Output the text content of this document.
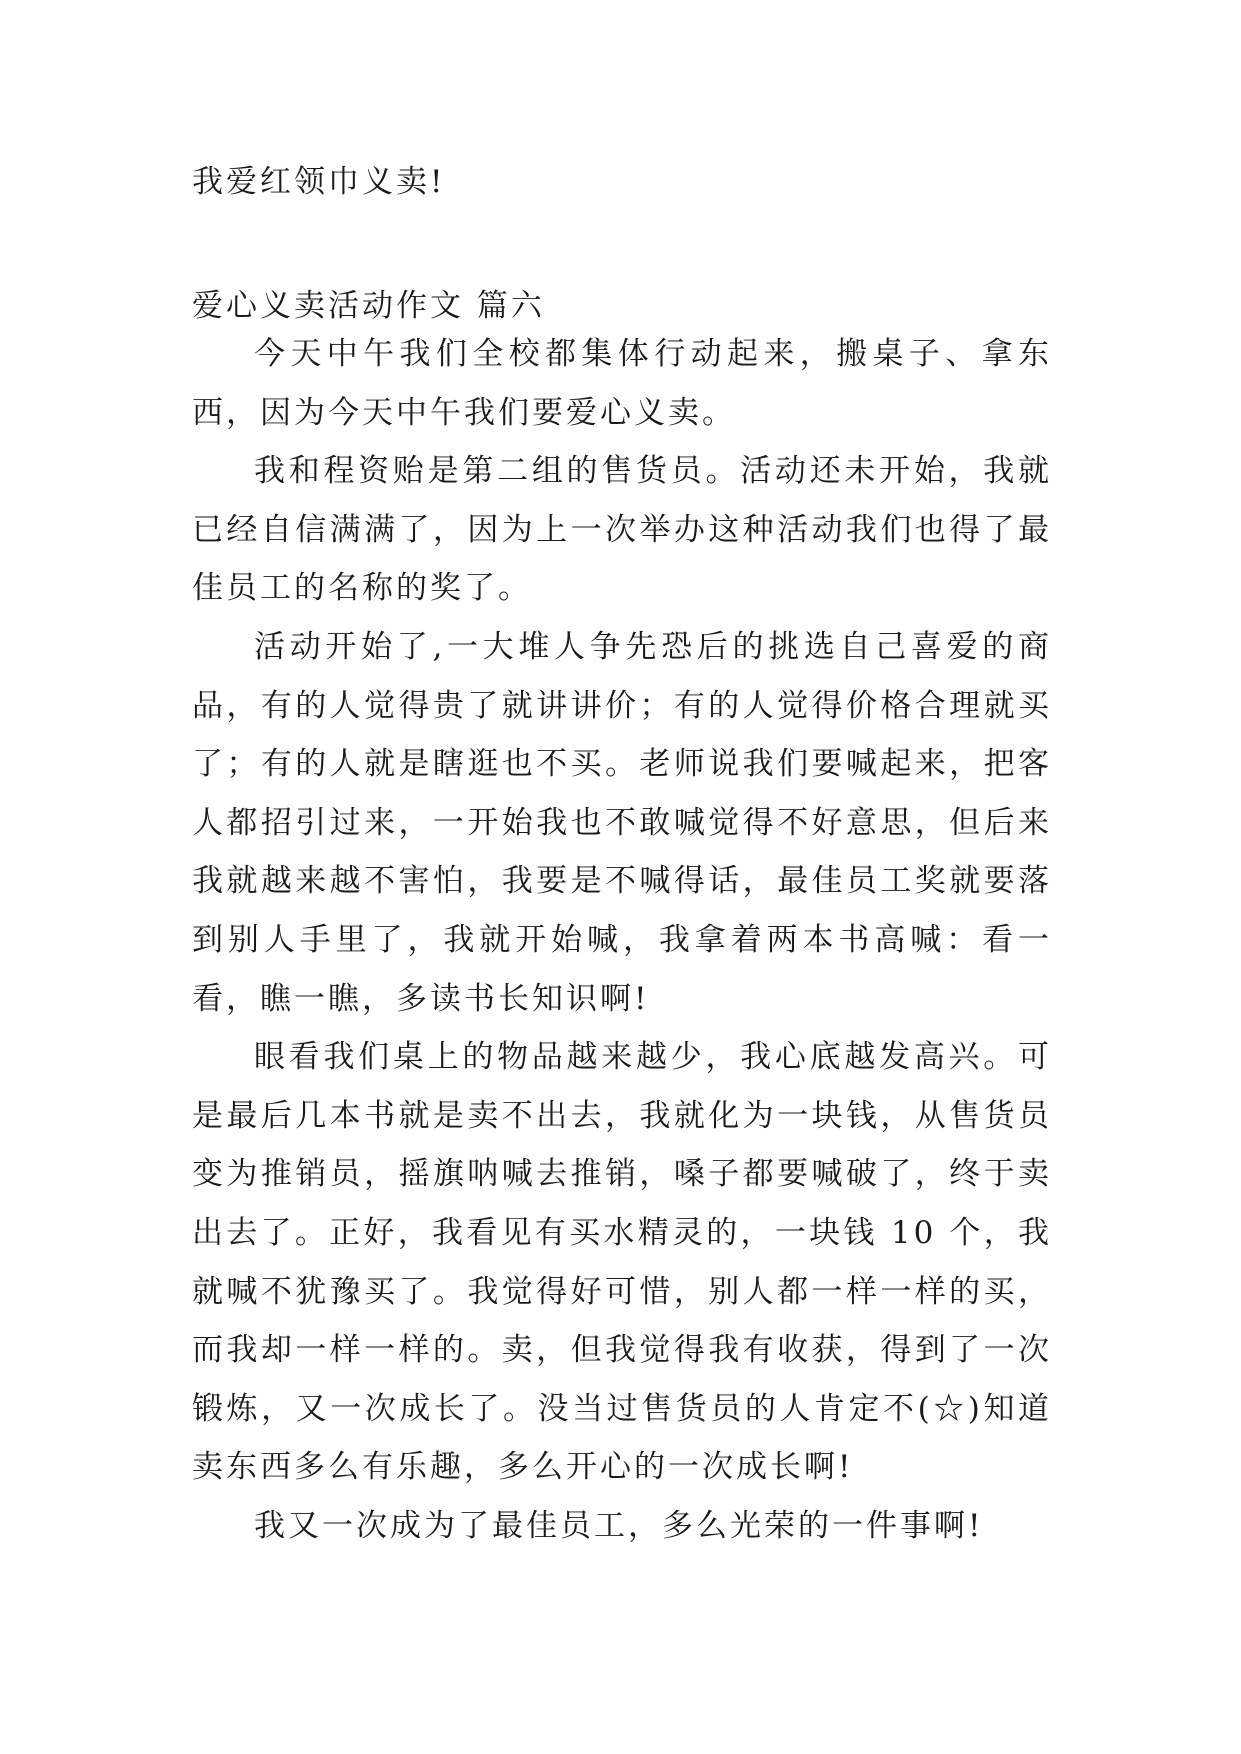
我爱红领巾义卖!
爱心义卖活动作文 篇六

今天中午我们全校都集体行动起来，搬桌子、拿东西，因为今天中午我们要爱心义卖。

我和程资贻是第二组的售货员。活动还未开始，我就已经自信满满了，因为上一次举办这种活动我们也得了最佳员工的名称的奖了。

活动开始了,一大堆人争先恐后的挑选自己喜爱的商品，有的人觉得贵了就讲讲价；有的人觉得价格合理就买了；有的人就是瞎逛也不买。老师说我们要喊起来，把客人都招引过来，一开始我也不敢喊觉得不好意思，但后来我就越来越不害怕，我要是不喊得话，最佳员工奖就要落到别人手里了，我就开始喊，我拿着两本书高喊：看一看，瞧一瞧，多读书长知识啊!

眼看我们桌上的物品越来越少，我心底越发高兴。可是最后几本书就是卖不出去，我就化为一块钱，从售货员变为推销员，摇旗呐喊去推销，嗓子都要喊破了，终于卖出去了。正好，我看见有买水精灵的，一块钱 10 个，我就喊不犹豫买了。我觉得好可惜，别人都一样一样的买，而我却一样一样的。卖，但我觉得我有收获，得到了一次锻炼，又一次成长了。没当过售货员的人肯定不(☆)知道卖东西多么有乐趣，多么开心的一次成长啊!

我又一次成为了最佳员工，多么光荣的一件事啊!
